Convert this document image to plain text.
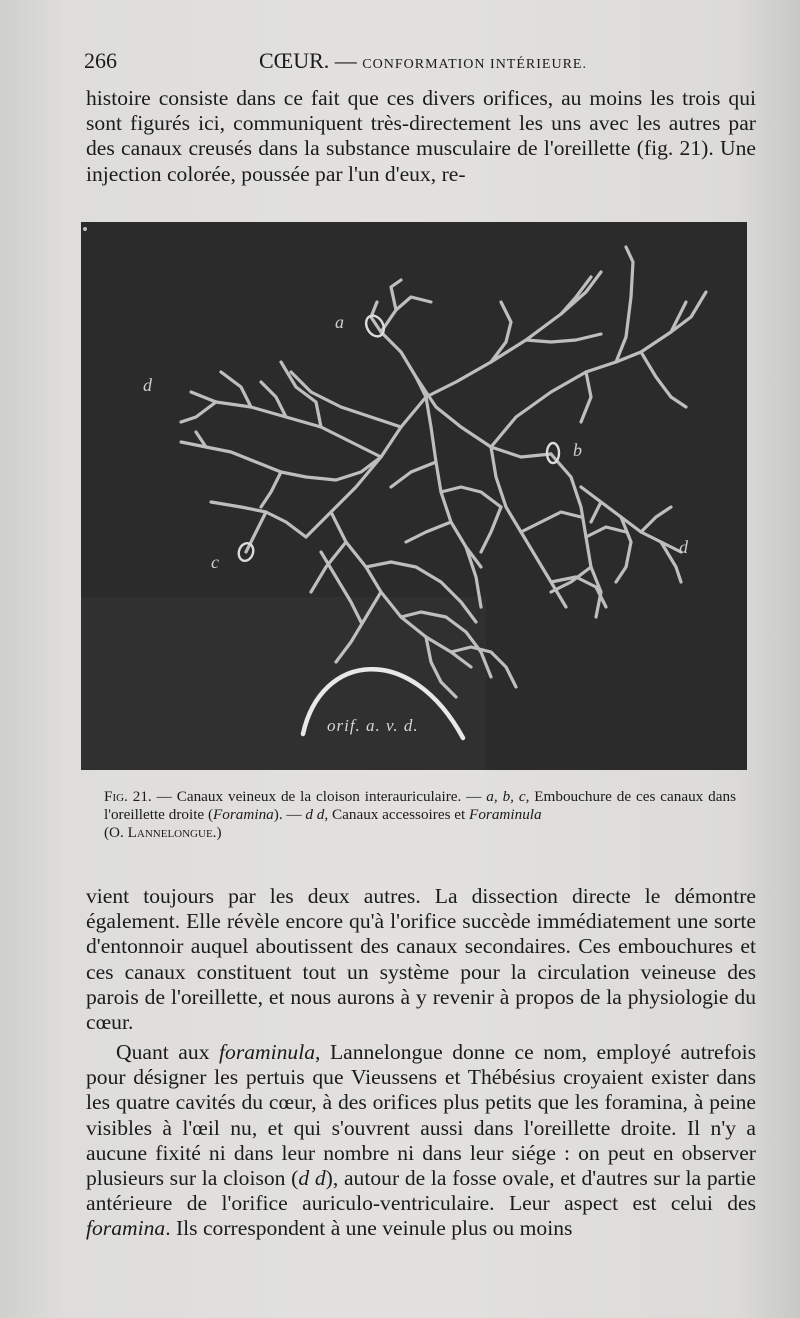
266	CŒUR. — CONFORMATION INTÉRIEURE.

histoire consiste dans ce fait que ces divers orifices, au moins les trois qui sont figurés ici, communiquent très-directement les uns avec les autres par des canaux creusés dans la substance musculaire de l'oreillette (fig. 21). Une injection colorée, poussée par l'un d'eux, re-

a
b
c
d
d
orif. a. v. d.

Fig. 21. — Canaux veineux de la cloison interauriculaire. — a, b, c, Embouchure de ces canaux dans l'oreillette droite (Foramina). — d d, Canaux accessoires et Foraminula
(O. Lannelongue.)

vient toujours par les deux autres. La dissection directe le démontre également. Elle révèle encore qu'à l'orifice succède immédiatement une sorte d'entonnoir auquel aboutissent des canaux secondaires. Ces embouchures et ces canaux constituent tout un système pour la circulation veineuse des parois de l'oreillette, et nous aurons à y revenir à propos de la physiologie du cœur.

Quant aux foraminula, Lannelongue donne ce nom, employé autrefois pour désigner les pertuis que Vieussens et Thébésius croyaient exister dans les quatre cavités du cœur, à des orifices plus petits que les foramina, à peine visibles à l'œil nu, et qui s'ouvrent aussi dans l'oreillette droite. Il n'y a aucune fixité ni dans leur nombre ni dans leur siége : on peut en observer plusieurs sur la cloison (d d), autour de la fosse ovale, et d'autres sur la partie antérieure de l'orifice auriculo-ventriculaire. Leur aspect est celui des foramina. Ils correspondent à une veinule plus ou moins
